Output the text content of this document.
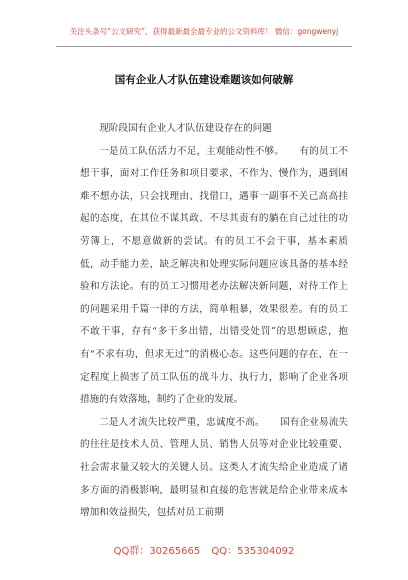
关注头条号“公文研究”，获得最新最全最专业的公文资料库！ 微信：gongwenyj
国有企业人才队伍建设难题该如何破解

现阶段国有企业人才队伍建设存在的问题

一是员工队伍活力不足，主观能动性不够。 有的员工不想干事，面对工作任务和项目要求，不作为、慢作为，遇到困难不想办法，只会找理由、找借口，遇事一副事不关己高高挂起的态度，在其位不谋其政、不尽其责有的躺在自己过往的功劳簿上，不愿意做新的尝试。有的员工不会干事，基本素质低，动手能力差，缺乏解决和处理实际问题应该具备的基本经验和方法论。有的员工习惯用老办法解决新问题，对待工作上的问题采用千篇一律的方法，简单粗暴，效果很差。有的员工不敢干事，存有“多干多出错，出错受处罚”的思想顾虑，抱有“不求有功，但求无过”的消极心态。这些问题的存在，在一定程度上损害了员工队伍的战斗力、执行力，影响了企业各项措施的有效落地，制约了企业的发展。

二是人才流失比较严重，忠诚度不高。 国有企业易流失的往往是技术人员、管理人员、销售人员等对企业比较重要、社会需求量又较大的关键人员。这类人才流失给企业造成了诸多方面的消极影响，最明显和直接的危害就是给企业带来成本增加和效益损失，包括对员工前期

QQ群：30265665 QQ：535304092
